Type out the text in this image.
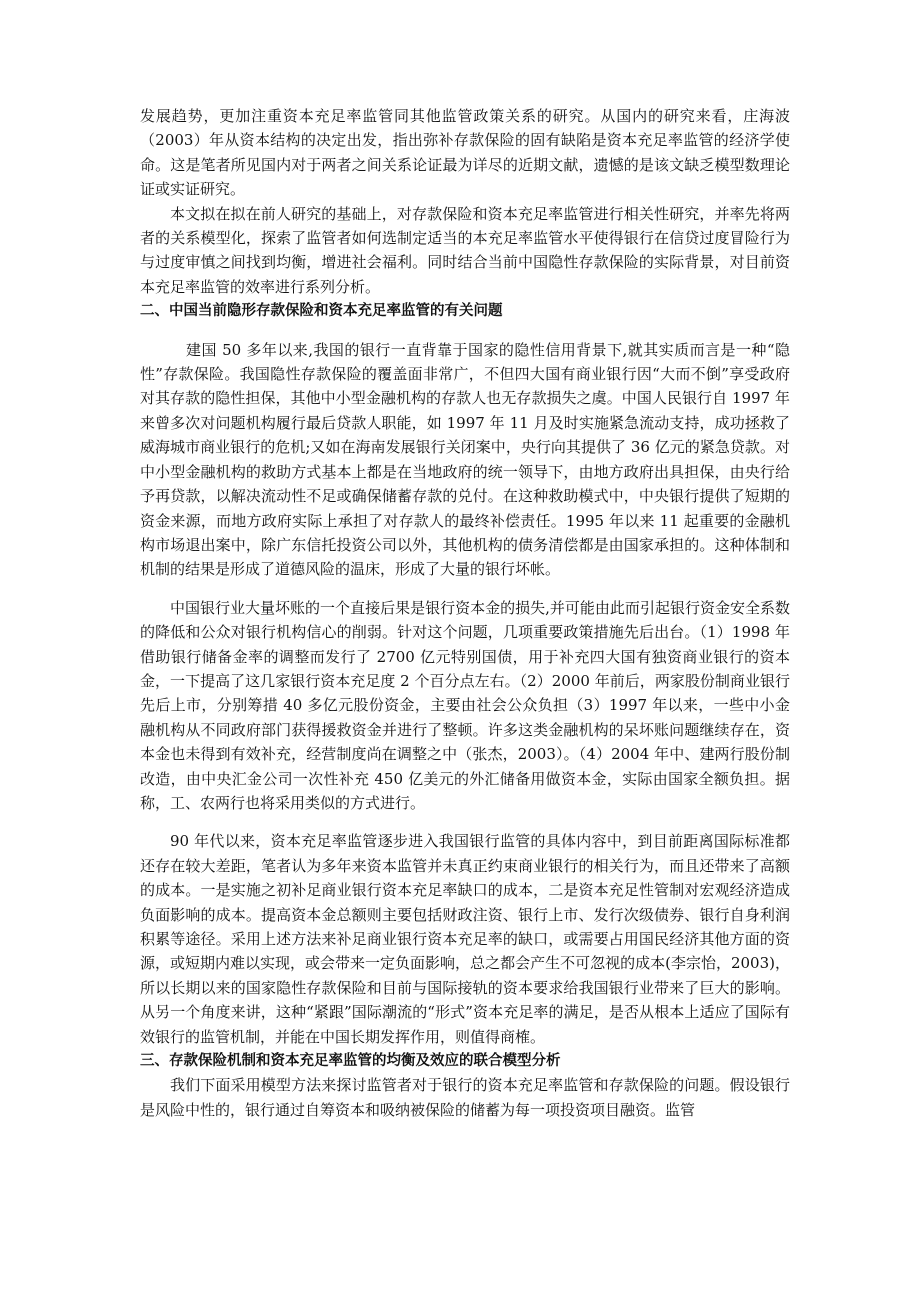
发展趋势，更加注重资本充足率监管同其他监管政策关系的研究。从国内的研究来看，庄海波（2003）年从资本结构的决定出发，指出弥补存款保险的固有缺陷是资本充足率监管的经济学使命。这是笔者所见国内对于两者之间关系论证最为详尽的近期文献，遗憾的是该文缺乏模型数理论证或实证研究。

本文拟在拟在前人研究的基础上，对存款保险和资本充足率监管进行相关性研究，并率先将两者的关系模型化，探索了监管者如何选制定适当的本充足率监管水平使得银行在信贷过度冒险行为与过度审慎之间找到均衡，增进社会福利。同时结合当前中国隐性存款保险的实际背景，对目前资本充足率监管的效率进行系列分析。

二、中国当前隐形存款保险和资本充足率监管的有关问题

建国 50 多年以来,我国的银行一直背靠于国家的隐性信用背景下,就其实质而言是一种“隐性”存款保险。我国隐性存款保险的覆盖面非常广，不但四大国有商业银行因“大而不倒”享受政府对其存款的隐性担保，其他中小型金融机构的存款人也无存款损失之虞。中国人民银行自 1997 年来曾多次对问题机构履行最后贷款人职能，如 1997 年 11 月及时实施紧急流动支持，成功拯救了威海城市商业银行的危机;又如在海南发展银行关闭案中，央行向其提供了 36 亿元的紧急贷款。对中小型金融机构的救助方式基本上都是在当地政府的统一领导下，由地方政府出具担保，由央行给予再贷款，以解决流动性不足或确保储蓄存款的兑付。在这种救助模式中，中央银行提供了短期的资金来源，而地方政府实际上承担了对存款人的最终补偿责任。1995 年以来 11 起重要的金融机构市场退出案中，除广东信托投资公司以外，其他机构的债务清偿都是由国家承担的。这种体制和机制的结果是形成了道德风险的温床，形成了大量的银行坏帐。

中国银行业大量坏账的一个直接后果是银行资本金的损失,并可能由此而引起银行资金安全系数的降低和公众对银行机构信心的削弱。针对这个问题，几项重要政策措施先后出台。（1）1998 年借助银行储备金率的调整而发行了 2700 亿元特别国债，用于补充四大国有独资商业银行的资本金，一下提高了这几家银行资本充足度 2 个百分点左右。（2）2000 年前后，两家股份制商业银行先后上市，分别筹措 40 多亿元股份资金，主要由社会公众负担（3）1997 年以来，一些中小金融机构从不同政府部门获得援救资金并进行了整顿。许多这类金融机构的呆坏账问题继续存在，资本金也未得到有效补充，经营制度尚在调整之中（张杰，2003）。（4）2004 年中、建两行股份制改造，由中央汇金公司一次性补充 450 亿美元的外汇储备用做资本金，实际由国家全额负担。据称，工、农两行也将采用类似的方式进行。

90 年代以来，资本充足率监管逐步进入我国银行监管的具体内容中，到目前距离国际标准都还存在较大差距，笔者认为多年来资本监管并未真正约束商业银行的相关行为，而且还带来了高额的成本。一是实施之初补足商业银行资本充足率缺口的成本，二是资本充足性管制对宏观经济造成负面影响的成本。提高资本金总额则主要包括财政注资、银行上市、发行次级债券、银行自身利润积累等途径。采用上述方法来补足商业银行资本充足率的缺口，或需要占用国民经济其他方面的资源，或短期内难以实现，或会带来一定负面影响，总之都会产生不可忽视的成本(李宗怡，2003)，所以长期以来的国家隐性存款保险和目前与国际接轨的资本要求给我国银行业带来了巨大的影响。从另一个角度来讲，这种“紧跟”国际潮流的“形式”资本充足率的满足，是否从根本上适应了国际有效银行的监管机制，并能在中国长期发挥作用，则值得商榷。

三、存款保险机制和资本充足率监管的均衡及效应的联合模型分析

我们下面采用模型方法来探讨监管者对于银行的资本充足率监管和存款保险的问题。假设银行是风险中性的，银行通过自筹资本和吸纳被保险的储蓄为每一项投资项目融资。监管
